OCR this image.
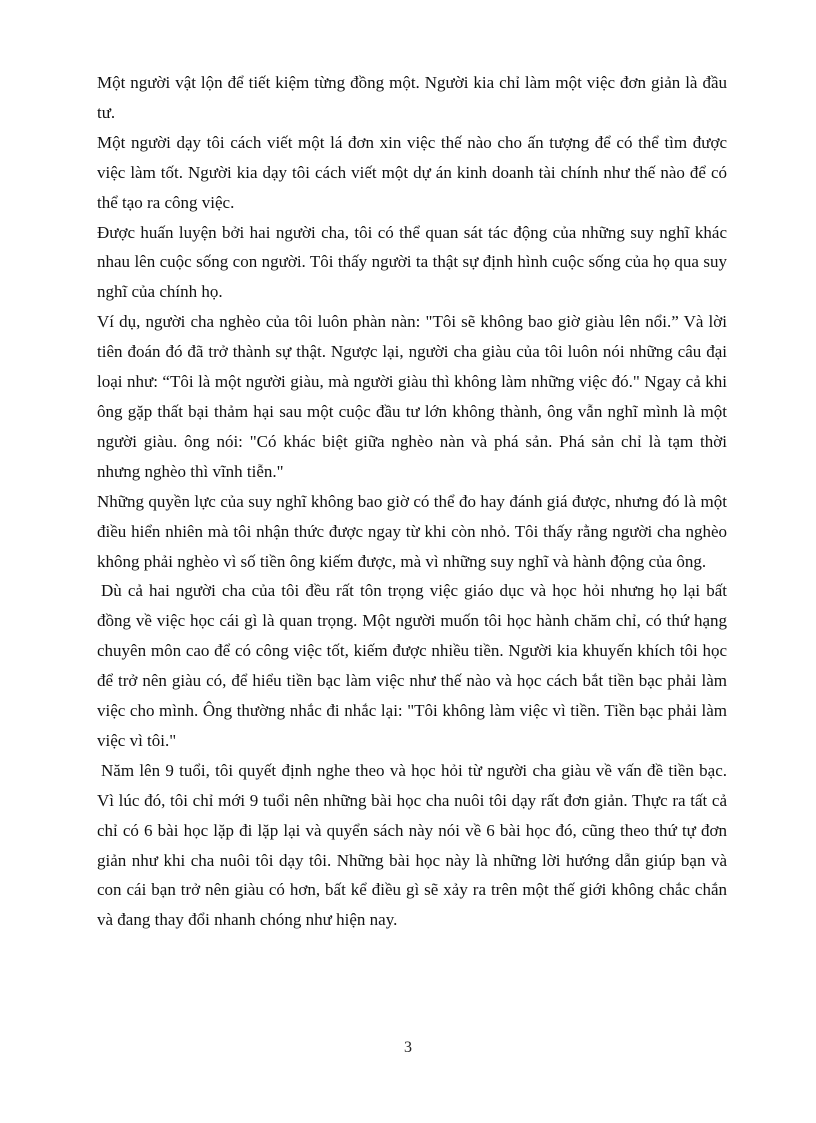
Một người vật lộn để tiết kiệm từng đồng một. Người kia chỉ làm một việc đơn giản là đầu tư.

Một người dạy tôi cách viết một lá đơn xin việc thế nào cho ấn tượng để có thể tìm được việc làm tốt. Người kia dạy tôi cách viết một dự án kinh doanh tài chính như thế nào để có thể tạo ra công việc.

Được huấn luyện bởi hai người cha, tôi có thể quan sát tác động của những suy nghĩ khác nhau lên cuộc sống con người. Tôi thấy người ta thật sự định hình cuộc sống của họ qua suy nghĩ của chính họ.

Ví dụ, người cha nghèo của tôi luôn phàn nàn: "Tôi sẽ không bao giờ giàu lên nổi.” Và lời tiên đoán đó đã trở thành sự thật. Ngược lại, người cha giàu của tôi luôn nói những câu đại loại như: “Tôi là một người giàu, mà người giàu thì không làm những việc đó." Ngay cả khi ông gặp thất bại thảm hại sau một cuộc đầu tư lớn không thành, ông vẫn nghĩ mình là một người giàu. ông nói: "Có khác biệt giữa nghèo nàn và phá sản. Phá sản chỉ là tạm thời nhưng nghèo thì vĩnh tiễn."

Những quyền lực của suy nghĩ không bao giờ có thể đo hay đánh giá được, nhưng đó là một điều hiển nhiên mà tôi nhận thức được ngay từ khi còn nhỏ. Tôi thấy rằng người cha nghèo không phải nghèo vì số tiền ông kiếm được, mà vì những suy nghĩ và hành động của ông.

Dù cả hai người cha của tôi đều rất tôn trọng việc giáo dục và học hỏi nhưng họ lại bất đồng về việc học cái gì là quan trọng. Một người muốn tôi học hành chăm chỉ, có thứ hạng chuyên môn cao để có công việc tốt, kiếm được nhiều tiền. Người kia khuyến khích tôi học để trở nên giàu có, để hiểu tiền bạc làm việc như thế nào và học cách bắt tiền bạc phải làm việc cho mình. Ông thường nhắc đi nhắc lại: "Tôi không làm việc vì tiền. Tiền bạc phải làm việc vì tôi."

Năm lên 9 tuổi, tôi quyết định nghe theo và học hỏi từ người cha giàu về vấn đề tiền bạc. Vì lúc đó, tôi chỉ mới 9 tuổi nên những bài học cha nuôi tôi dạy rất đơn giản. Thực ra tất cả chỉ có 6 bài học lặp đi lặp lại và quyển sách này nói về 6 bài học đó, cũng theo thứ tự đơn giản như khi cha nuôi tôi dạy tôi. Những bài học này là những lời hướng dẫn giúp bạn và con cái bạn trở nên giàu có hơn, bất kể điều gì sẽ xảy ra trên một thế giới không chắc chắn và đang thay đổi nhanh chóng như hiện nay.

3
